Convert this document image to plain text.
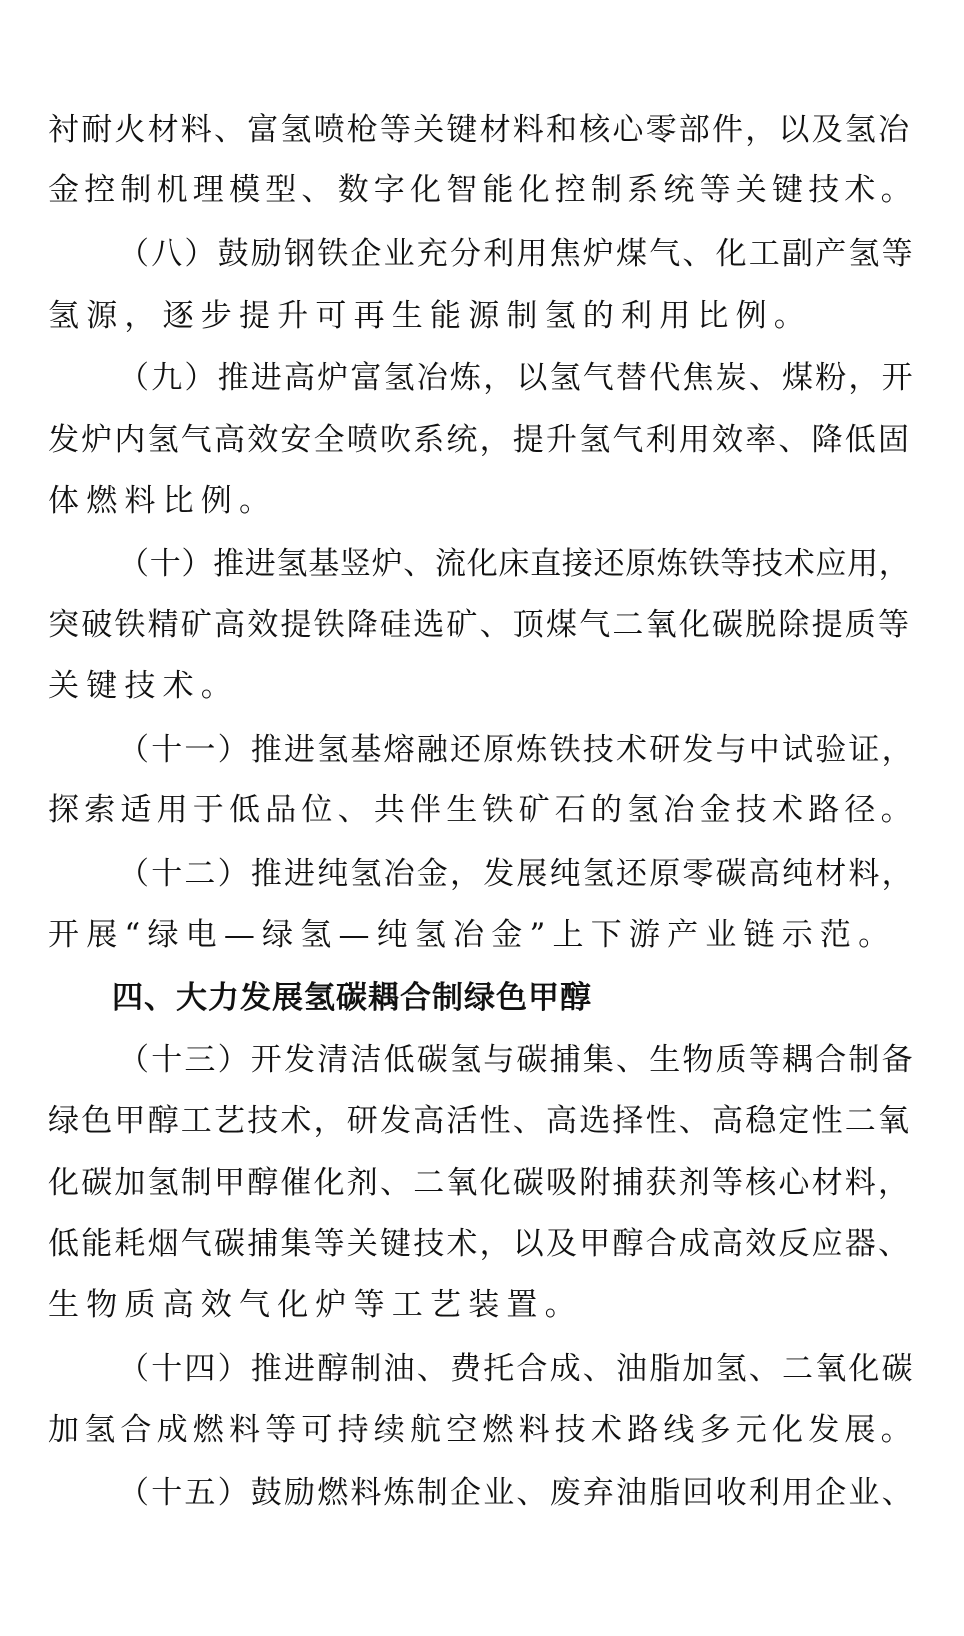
衬耐火材料、富氢喷枪等关键材料和核心零部件，以及氢冶
金控制机理模型、数字化智能化控制系统等关键技术。
（八）鼓励钢铁企业充分利用焦炉煤气、化工副产氢等
氢源，逐步提升可再生能源制氢的利用比例。
（九）推进高炉富氢冶炼，以氢气替代焦炭、煤粉，开
发炉内氢气高效安全喷吹系统，提升氢气利用效率、降低固
体燃料比例。
（十）推进氢基竖炉、流化床直接还原炼铁等技术应用，
突破铁精矿高效提铁降硅选矿、顶煤气二氧化碳脱除提质等
关键技术。
（十一）推进氢基熔融还原炼铁技术研发与中试验证，
探索适用于低品位、共伴生铁矿石的氢冶金技术路径。
（十二）推进纯氢冶金，发展纯氢还原零碳高纯材料，
开展“绿电—绿氢—纯氢冶金”上下游产业链示范。
四、大力发展氢碳耦合制绿色甲醇
（十三）开发清洁低碳氢与碳捕集、生物质等耦合制备
绿色甲醇工艺技术，研发高活性、高选择性、高稳定性二氧
化碳加氢制甲醇催化剂、二氧化碳吸附捕获剂等核心材料，
低能耗烟气碳捕集等关键技术，以及甲醇合成高效反应器、
生物质高效气化炉等工艺装置。
（十四）推进醇制油、费托合成、油脂加氢、二氧化碳
加氢合成燃料等可持续航空燃料技术路线多元化发展。
（十五）鼓励燃料炼制企业、废弃油脂回收利用企业、
